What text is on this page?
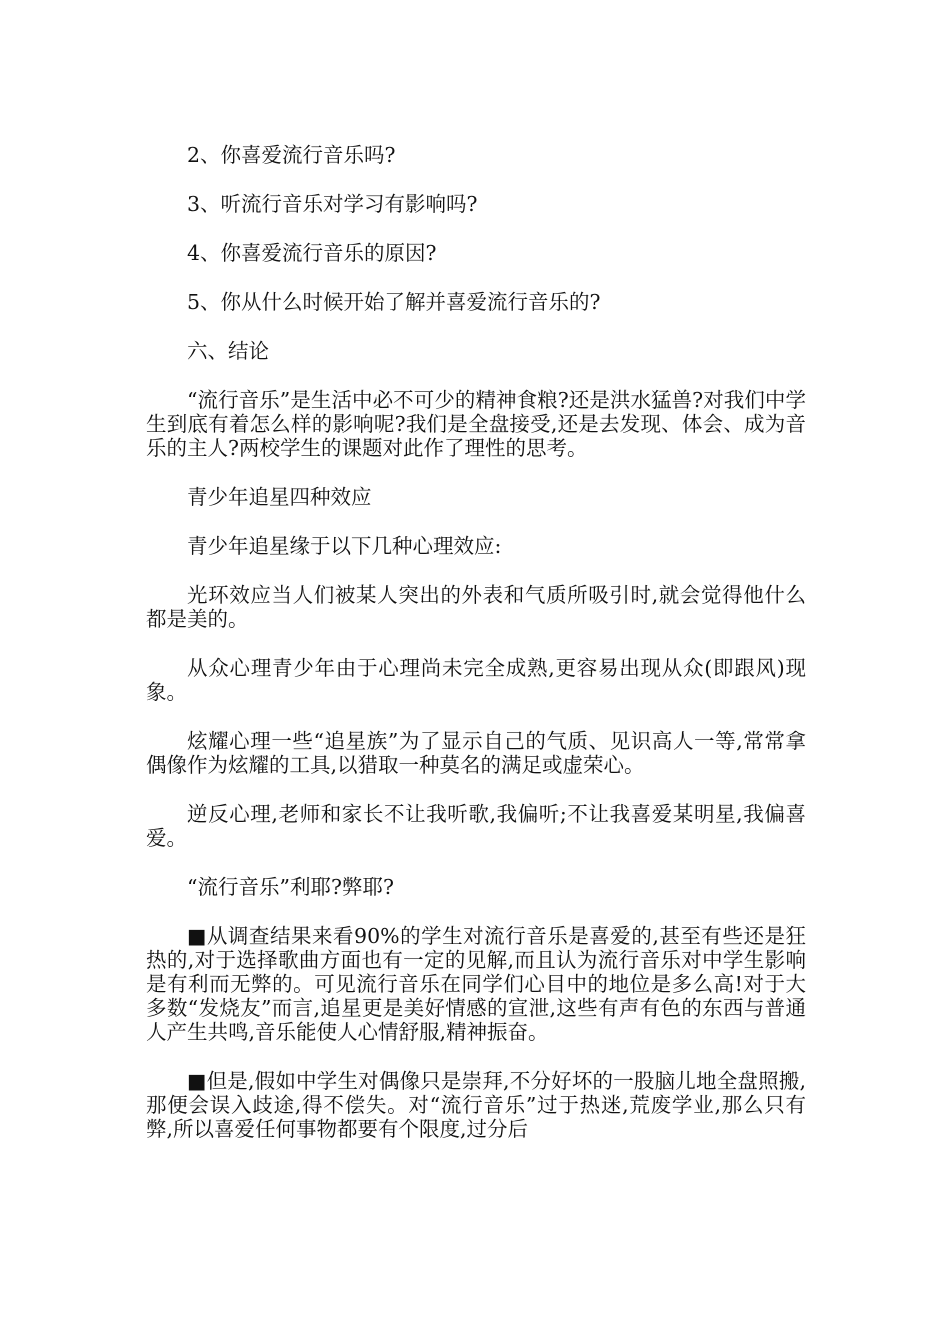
2、你喜爱流行音乐吗?

3、听流行音乐对学习有影响吗?

4、你喜爱流行音乐的原因?

5、你从什么时候开始了解并喜爱流行音乐的?

六、结论

“流行音乐”是生活中必不可少的精神食粮?还是洪水猛兽?对我们中学生到底有着怎么样的影响呢?我们是全盘接受,还是去发现、体会、成为音乐的主人?两校学生的课题对此作了理性的思考。

青少年追星四种效应

青少年追星缘于以下几种心理效应:

光环效应当人们被某人突出的外表和气质所吸引时,就会觉得他什么都是美的。

从众心理青少年由于心理尚未完全成熟,更容易出现从众(即跟风)现象。

炫耀心理一些“追星族”为了显示自己的气质、见识高人一等,常常拿偶像作为炫耀的工具,以猎取一种莫名的满足或虚荣心。

逆反心理,老师和家长不让我听歌,我偏听;不让我喜爱某明星,我偏喜爱。

“流行音乐”利耶?弊耶?

■从调查结果来看90%的学生对流行音乐是喜爱的,甚至有些还是狂热的,对于选择歌曲方面也有一定的见解,而且认为流行音乐对中学生影响是有利而无弊的。可见流行音乐在同学们心目中的地位是多么高!对于大多数“发烧友”而言,追星更是美好情感的宣泄,这些有声有色的东西与普通人产生共鸣,音乐能使人心情舒服,精神振奋。

■但是,假如中学生对偶像只是崇拜,不分好坏的一股脑儿地全盘照搬,那便会误入歧途,得不偿失。对“流行音乐”过于热迷,荒废学业,那么只有弊,所以喜爱任何事物都要有个限度,过分后
